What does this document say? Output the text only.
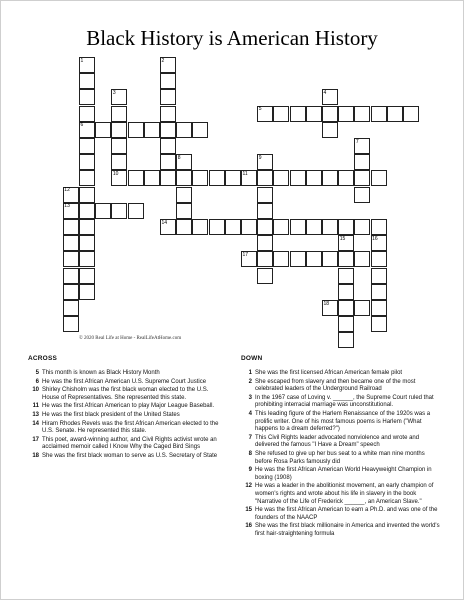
Black History is American History
1	2
3	4
5
6
7
8	9
10	11
12
13
14
15	16
17
18
© 2020 Real Life at Home - RealLifeAtHome.com
ACROSS
5 This month is known as Black History Month
6 He was the first African American U.S. Supreme Court Justice
10 Shirley Chisholm was the first black woman elected to the U.S. House of Representatives. She represented this state.
11 He was the first African American to play Major League Baseball.
13 He was the first black president of the United States
14 Hiram Rhodes Revels was the first African American elected to the U.S. Senate. He represented this state.
17 This poet, award-winning author, and Civil Rights activist wrote an acclaimed memoir called I Know Why the Caged Bird Sings
18 She was the first black woman to serve as U.S. Secretary of State
DOWN
1 She was the first licensed African American female pilot
2 She escaped from slavery and then became one of the most celebrated leaders of the Underground Railroad
3 In the 1967 case of Loving v. ______, the Supreme Court ruled that prohibiting interracial marriage was unconstitutional.
4 This leading figure of the Harlem Renaissance of the 1920s was a prolific writer. One of his most famous poems is Harlem ("What happens to a dream deferred?")
7 This Civil Rights leader advocated nonviolence and wrote and delivered the famous "I Have a Dream" speech
8 She refused to give up her bus seat to a white man nine months before Rosa Parks famously did
9 He was the first African American World Heavyweight Champion in boxing (1908)
12 He was a leader in the abolitionist movement, an early champion of women's rights and wrote about his life in slavery in the book "Narrative of the Life of Frederick ______, an American Slave."
15 He was the first African American to earn a Ph.D. and was one of the founders of the NAACP
16 She was the first black millionaire in America and invented the world's first hair-straightening formula
